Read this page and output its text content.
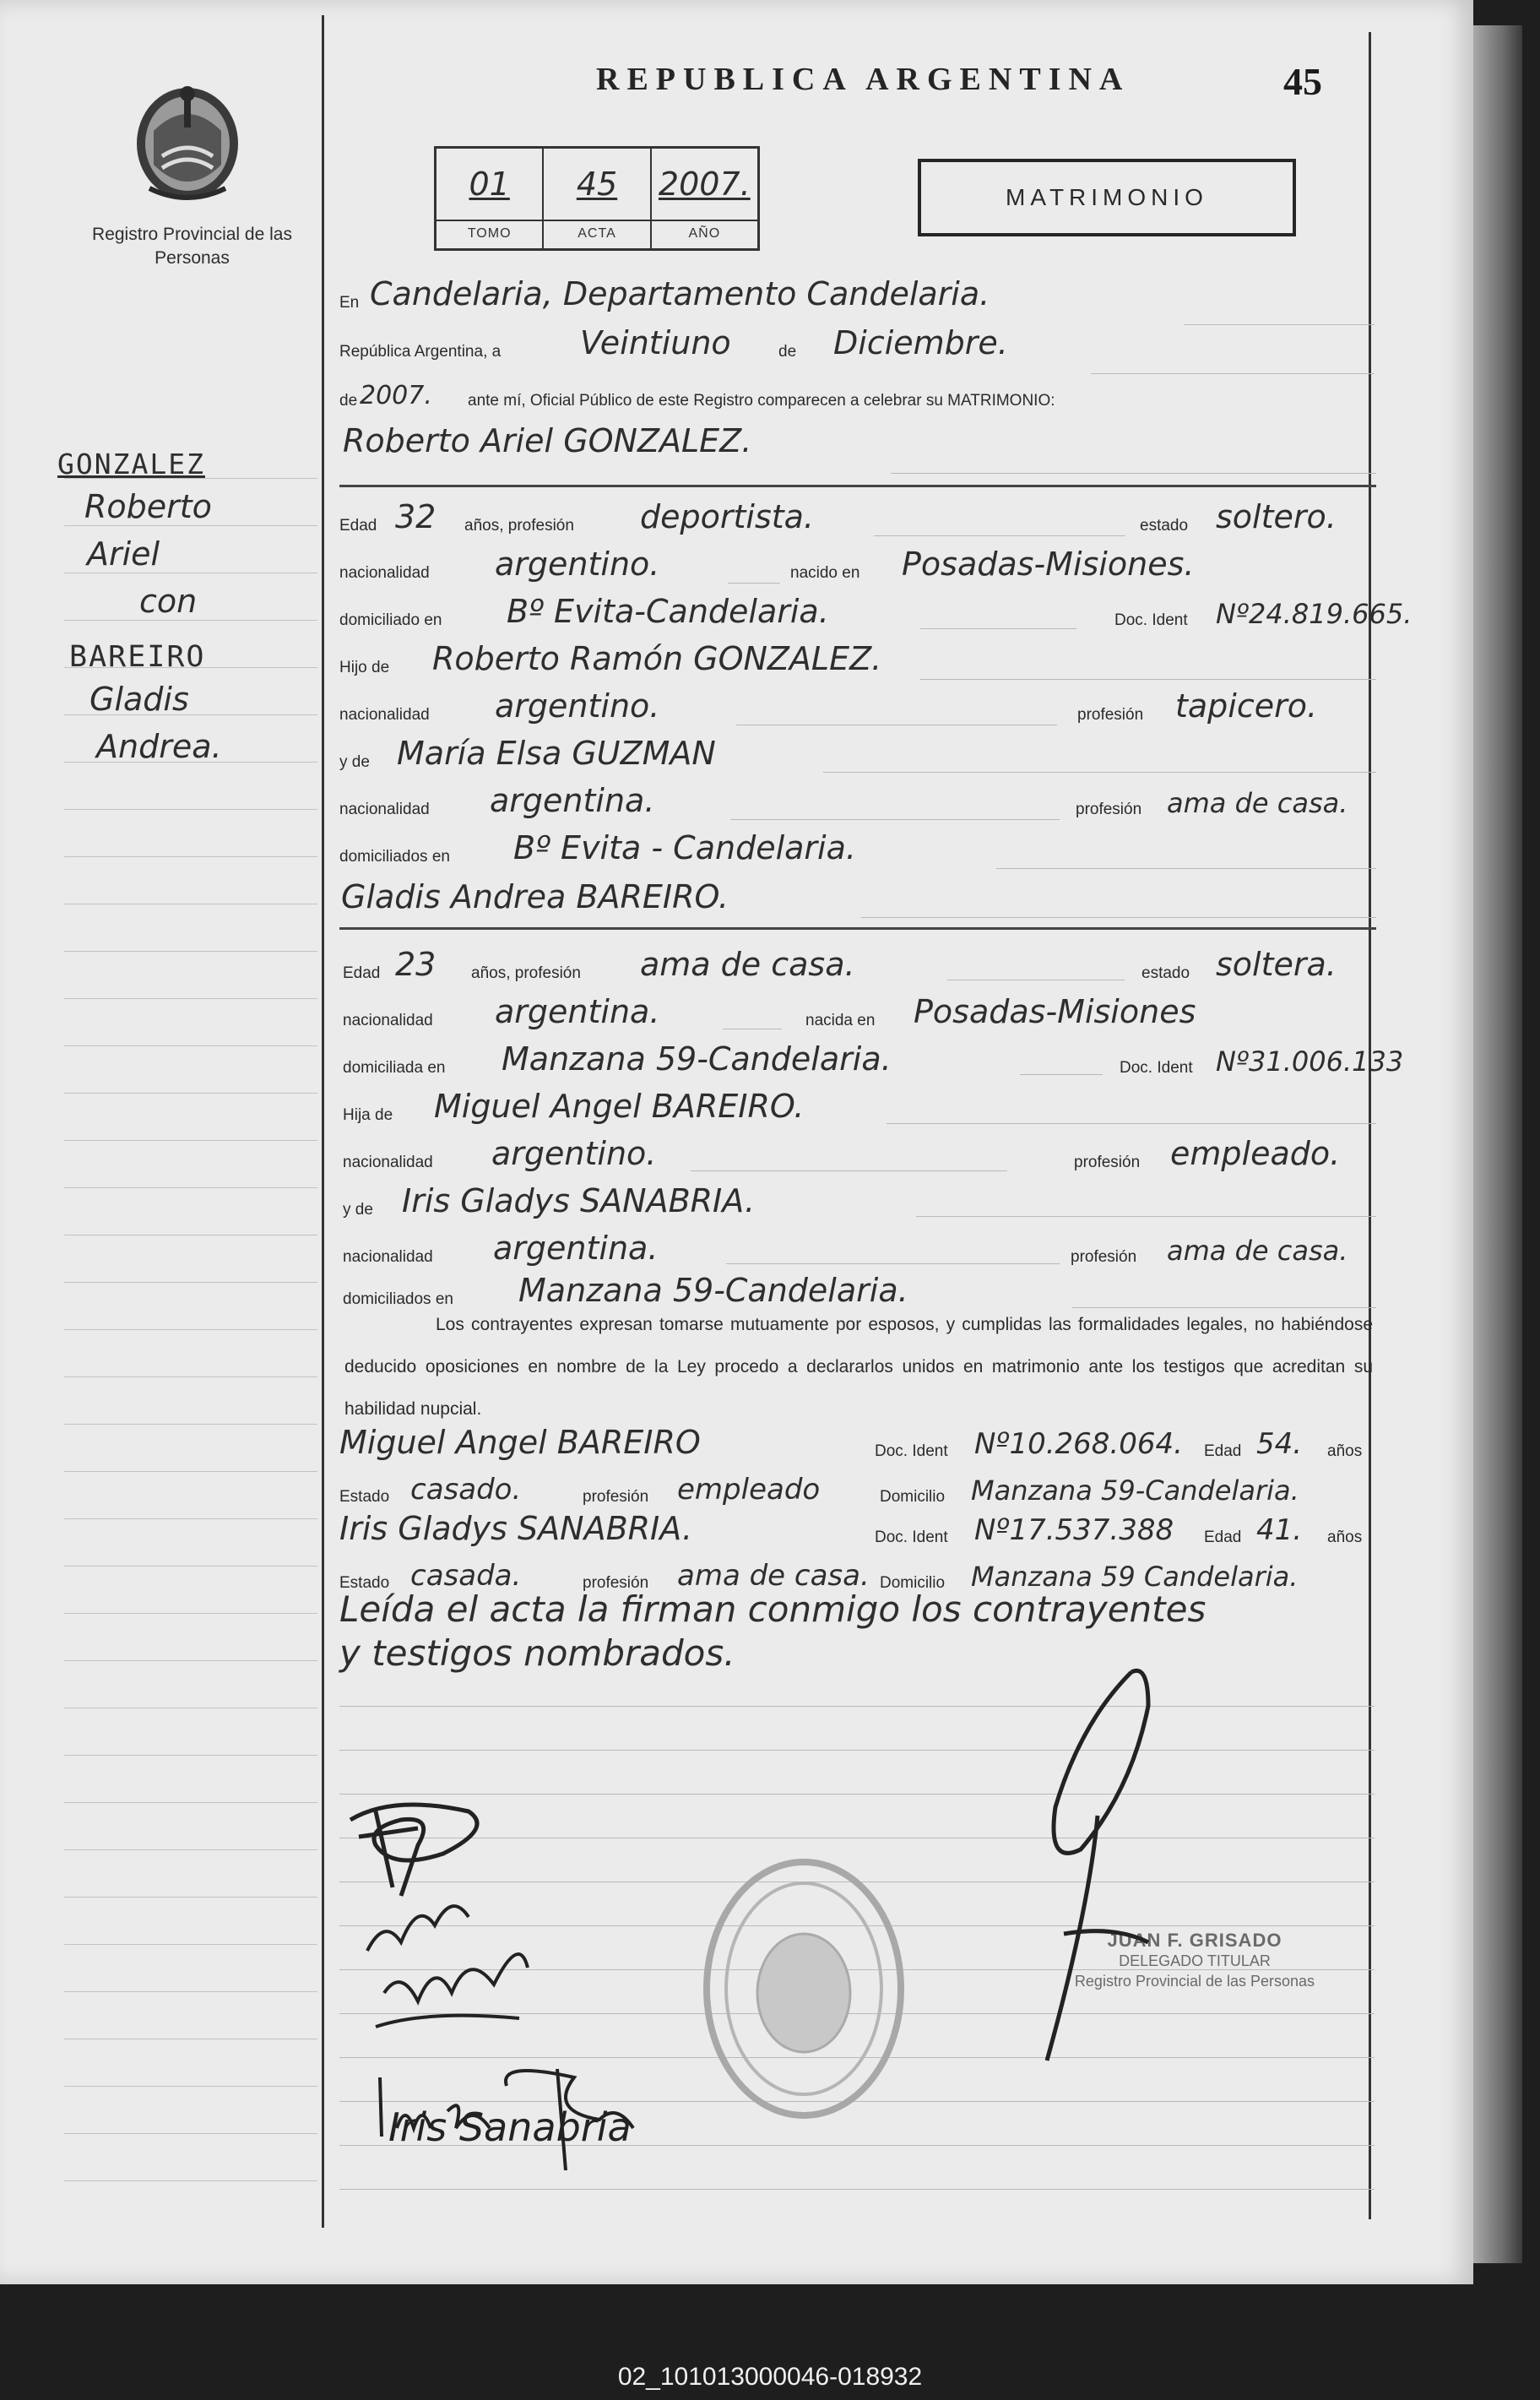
Registro Provincial de las Personas
REPUBLICA ARGENTINA	45
01
TOMO
45
ACTA
2007.
AÑO
MATRIMONIO
GONZALEZ
Roberto
Ariel
con
BAREIRO
Gladis
Andrea.
En Candelaria, Departamento Candelaria.
República Argentina, a Veintiuno	de Diciembre.
de 2007. ante mí, Oficial Público de este Registro comparecen a celebrar su MATRIMONIO:
Roberto Ariel GONZALEZ.
Edad 32 años, profesión deportista.	estado soltero.
nacionalidad argentino.	nacido en Posadas-Misiones.
domiciliado en Bº Evita-Candelaria.	Doc. Ident Nº24.819.665.
Hijo de Roberto Ramón GONZALEZ.
nacionalidad argentino.	profesión tapicero.
y de María Elsa GUZMAN
nacionalidad argentina.	profesión ama de casa.
domiciliados en Bº Evita - Candelaria.
Gladis Andrea BAREIRO.
Edad 23 años, profesión ama de casa.	estado soltera.
nacionalidad argentina.	nacida en Posadas-Misiones
domiciliada en Manzana 59-Candelaria.	Doc. Ident Nº31.006.133
Hija de Miguel Angel BAREIRO.
nacionalidad argentino.	profesión empleado.
y de Iris Gladys SANABRIA.
nacionalidad argentina.	profesión ama de casa.
domiciliados en Manzana 59-Candelaria.
Los contrayentes expresan tomarse mutuamente por esposos, y cumplidas las formalidades legales, no habiéndose deducido oposiciones en nombre de la Ley procedo a declararlos unidos en matrimonio ante los testigos que acreditan su habilidad nupcial.
Miguel Angel BAREIRO	Doc. Ident Nº10.268.064. Edad 54. años
Estado casado.	profesión empleado	Domicilio Manzana 59-Candelaria.
Iris Gladys SANABRIA.	Doc. Ident Nº17.537.388 Edad 41. años
Estado casada.	profesión ama de casa. Domicilio Manzana 59 Candelaria.
Leída el acta la firman conmigo los contrayentes
y testigos nombrados.
JUAN F. GRISADO
DELEGADO TITULAR
Registro Provincial de las Personas
Iris Sanabria
02_101013000046-018932
